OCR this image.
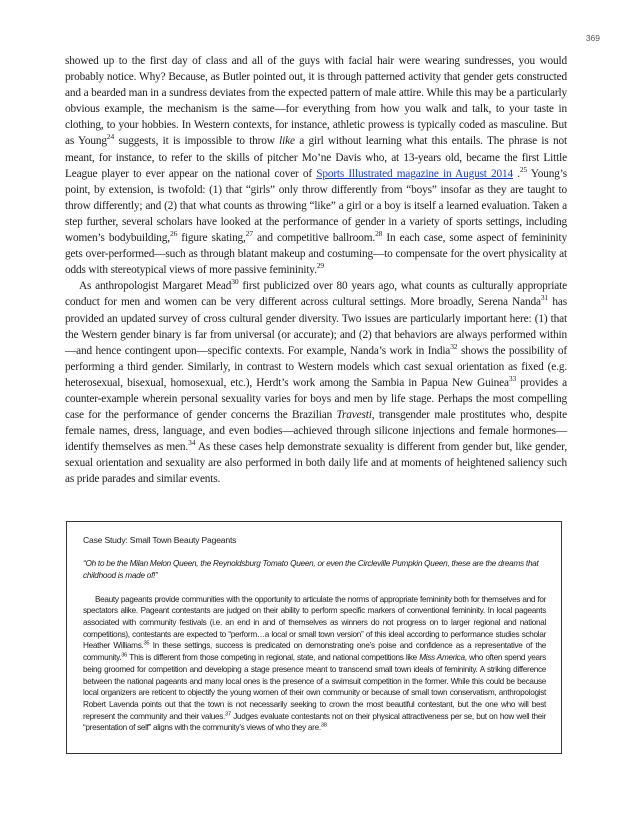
369

showed up to the first day of class and all of the guys with facial hair were wearing sundresses, you would probably notice. Why? Because, as Butler pointed out, it is through patterned activity that gender gets constructed and a bearded man in a sundress deviates from the expected pattern of male attire. While this may be a particularly obvious example, the mechanism is the same—for everything from how you walk and talk, to your taste in clothing, to your hobbies. In Western contexts, for instance, athletic prowess is typically coded as masculine. But as Young$^{24}$ suggests, it is impossible to throw like a girl without learning what this entails. The phrase is not meant, for instance, to refer to the skills of pitcher Mo’ne Davis who, at 13-years old, became the first Little League player to ever appear on the national cover of Sports Illustrated magazine in August 2014 .$^{25}$ Young’s point, by extension, is twofold: (1) that “girls” only throw differently from “boys” insofar as they are taught to throw differently; and (2) that what counts as throwing “like” a girl or a boy is itself a learned evaluation. Taken a step further, several scholars have looked at the performance of gender in a variety of sports settings, including women’s bodybuilding,$^{26}$ figure skating,$^{27}$ and competitive ballroom.$^{28}$ In each case, some aspect of femininity gets over-performed—such as through blatant makeup and costuming—to compensate for the overt physicality at odds with stereotypical views of more passive femininity.$^{29}$

As anthropologist Margaret Mead$^{30}$ first publicized over 80 years ago, what counts as culturally appropriate conduct for men and women can be very different across cultural settings. More broadly, Serena Nanda$^{31}$ has provided an updated survey of cross cultural gender diversity. Two issues are particularly important here: (1) that the Western gender binary is far from universal (or accurate); and (2) that behaviors are always performed within—and hence contingent upon—specific contexts. For example, Nanda’s work in India$^{32}$ shows the possibility of performing a third gender. Similarly, in contrast to Western models which cast sexual orientation as fixed (e.g. heterosexual, bisexual, homosexual, etc.), Herdt’s work among the Sambia in Papua New Guinea$^{33}$ provides a counter-example wherein personal sexuality varies for boys and men by life stage. Perhaps the most compelling case for the performance of gender concerns the Brazilian Travesti, transgender male prostitutes who, despite female names, dress, language, and even bodies—achieved through silicone injections and female hormones—identify themselves as men.$^{34}$ As these cases help demonstrate sexuality is different from gender but, like gender, sexual orientation and sexuality are also performed in both daily life and at moments of heightened saliency such as pride parades and similar events.

Case Study: Small Town Beauty Pageants

“Oh to be the Milan Melon Queen, the Reynoldsburg Tomato Queen, or even the Circleville Pumpkin Queen, these are the dreams that childhood is made of!”

Beauty pageants provide communities with the opportunity to articulate the norms of appropriate femininity both for themselves and for spectators alike. Pageant contestants are judged on their ability to perform specific markers of conventional femininity. In local pageants associated with community festivals (i.e. an end in and of themselves as winners do not progress on to larger regional and national competitions), contestants are expected to “perform…a local or small town version” of this ideal according to performance studies scholar Heather Williams.$^{35}$ In these settings, success is predicated on demonstrating one’s poise and confidence as a representative of the community.$^{36}$ This is different from those competing in regional, state, and national competitions like Miss America, who often spend years being groomed for competition and developing a stage presence meant to transcend small town ideals of femininity. A striking difference between the national pageants and many local ones is the presence of a swimsuit competition in the former. While this could be because local organizers are reticent to objectify the young women of their own community or because of small town conservatism, anthropologist Robert Lavenda points out that the town is not necessarily seeking to crown the most beautiful contestant, but the one who will best represent the community and their values.$^{37}$ Judges evaluate contestants not on their physical attractiveness per se, but on how well their “presentation of self” aligns with the community’s views of who they are.$^{38}$
